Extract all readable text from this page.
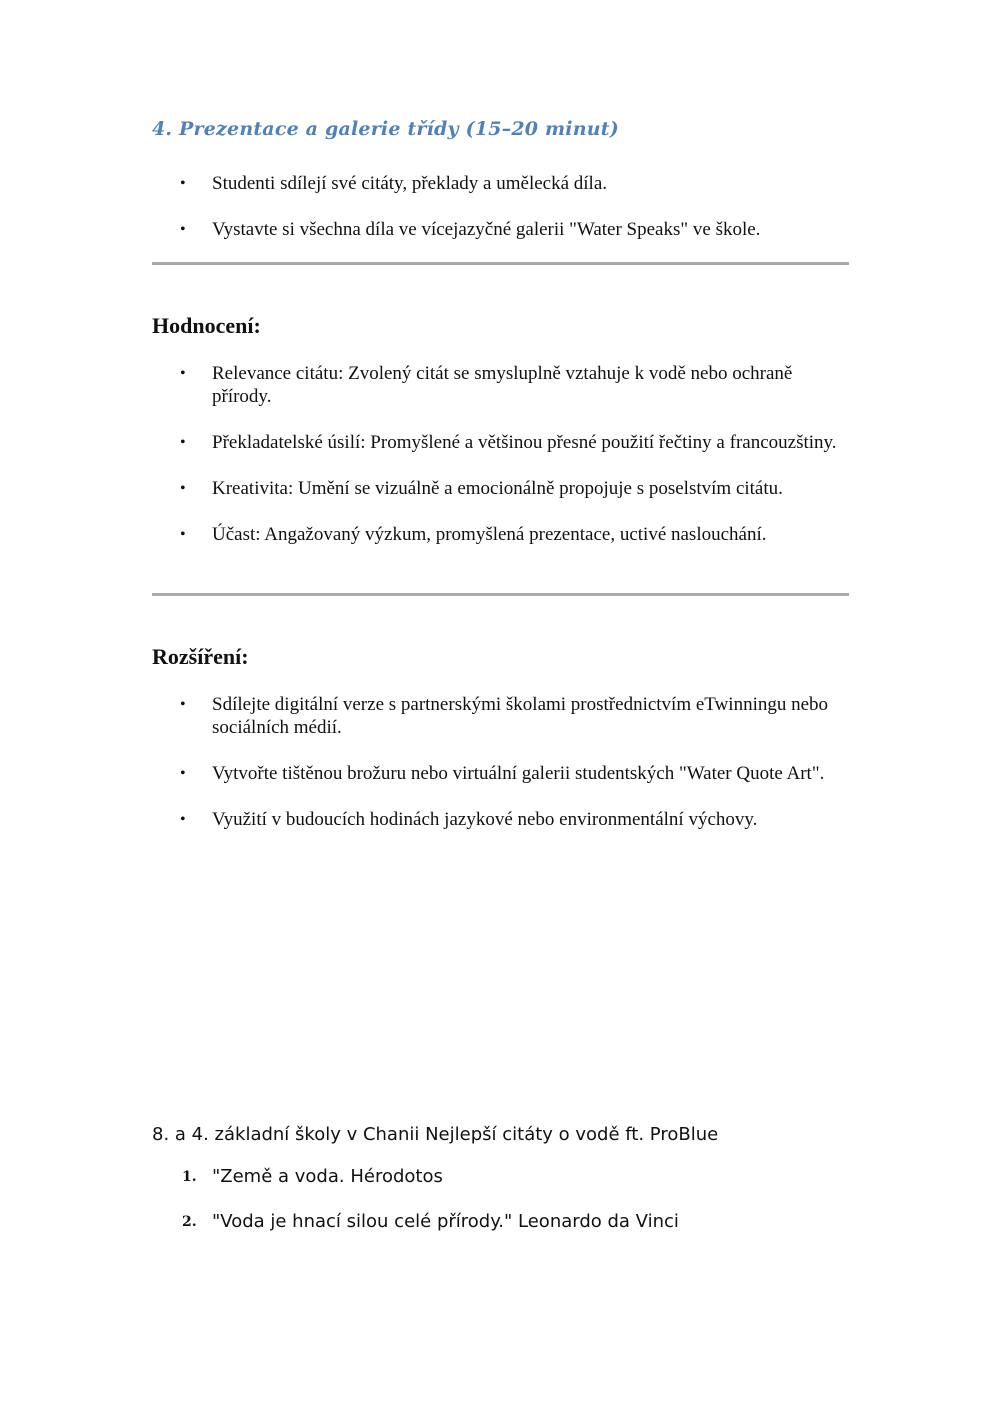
4. Prezentace a galerie třídy (15–20 minut)
• Studenti sdílejí své citáty, překlady a umělecká díla.
• Vystavte si všechna díla ve vícejazyčné galerii "Water Speaks" ve škole.
Hodnocení:
• Relevance citátu: Zvolený citát se smysluplně vztahuje k vodě nebo ochraně přírody.
• Překladatelské úsilí: Promyšlené a většinou přesné použití řečtiny a francouzštiny.
• Kreativita: Umění se vizuálně a emocionálně propojuje s poselstvím citátu.
• Účast: Angažovaný výzkum, promyšlená prezentace, uctivé naslouchání.
Rozšíření:
• Sdílejte digitální verze s partnerskými školami prostřednictvím eTwinningu nebo sociálních médií.
• Vytvořte tištěnou brožuru nebo virtuální galerii studentských "Water Quote Art".
• Využití v budoucích hodinách jazykové nebo environmentální výchovy.

8. a 4. základní školy v Chanii Nejlepší citáty o vodě ft. ProBlue

1. "Země a voda. Hérodotos
2. "Voda je hnací silou celé přírody." Leonardo da Vinci
